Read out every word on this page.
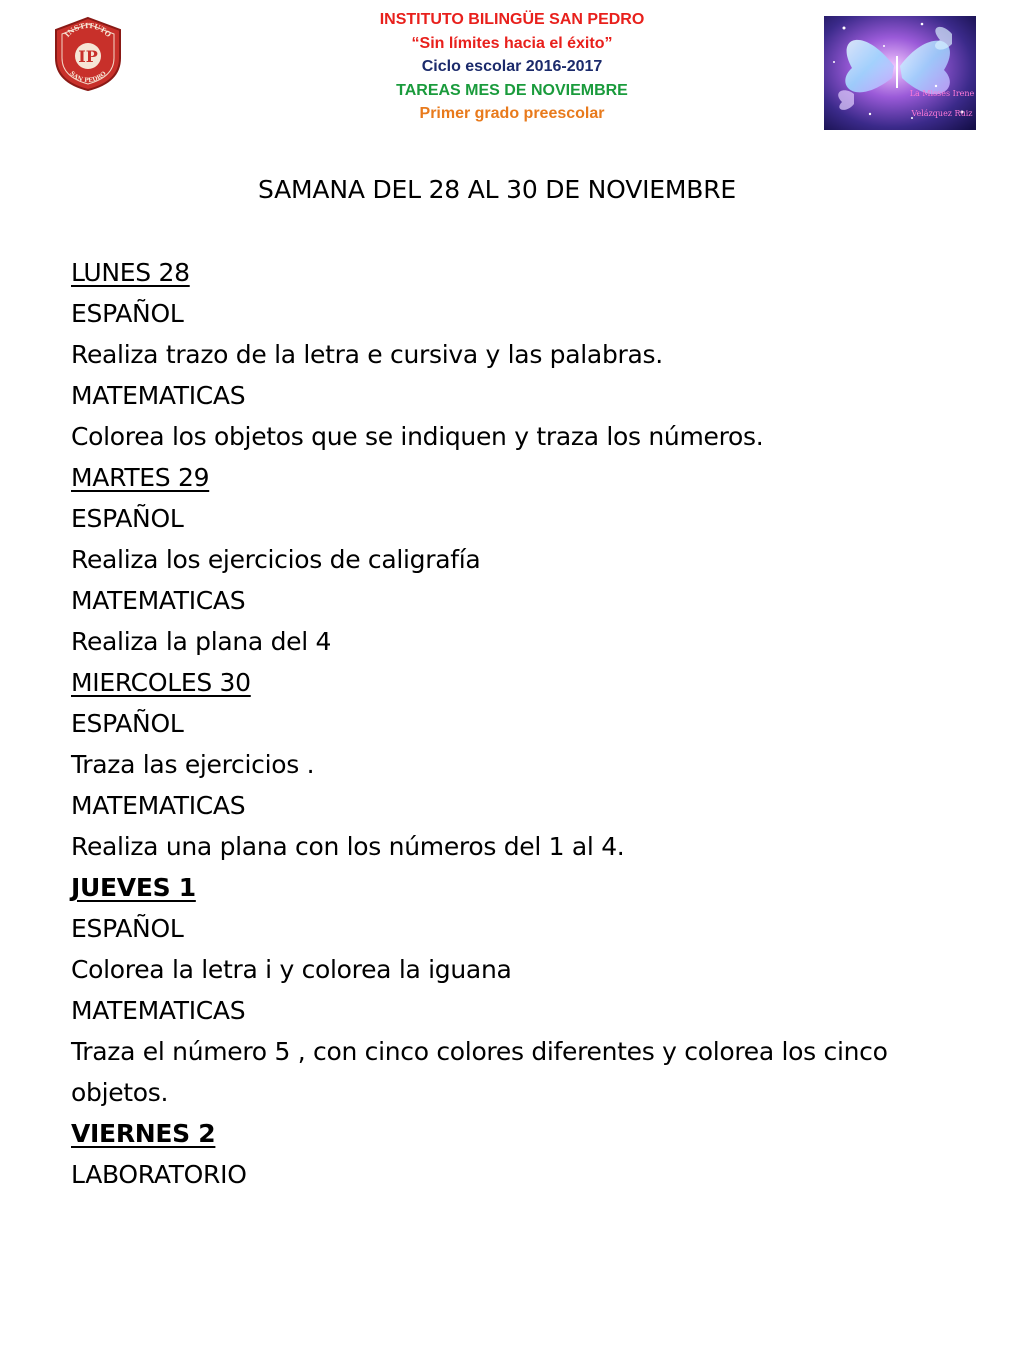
INSTITUTO
SAN PEDRO
IP
INSTITUTO BILINGÜE SAN PEDRO
“Sin límites hacia el éxito”
Ciclo escolar 2016-2017
TAREAS MES DE NOVIEMBRE
Primer grado preescolar
La Misses Irene
Velázquez Ruiz
SAMANA DEL 28 AL 30 DE NOVIEMBRE
LUNES 28
ESPAÑOL
Realiza trazo de la letra e cursiva y las palabras.
MATEMATICAS
Colorea los objetos que se indiquen y traza los números.
MARTES 29
ESPAÑOL
Realiza los ejercicios de caligrafía
MATEMATICAS
Realiza la plana del 4
MIERCOLES 30
ESPAÑOL
Traza las ejercicios .
MATEMATICAS
Realiza una plana con los números del 1 al 4.
JUEVES 1
ESPAÑOL
Colorea la letra i y colorea la iguana
MATEMATICAS
Traza el número 5 , con cinco colores diferentes y colorea los cinco objetos.
VIERNES 2
LABORATORIO
